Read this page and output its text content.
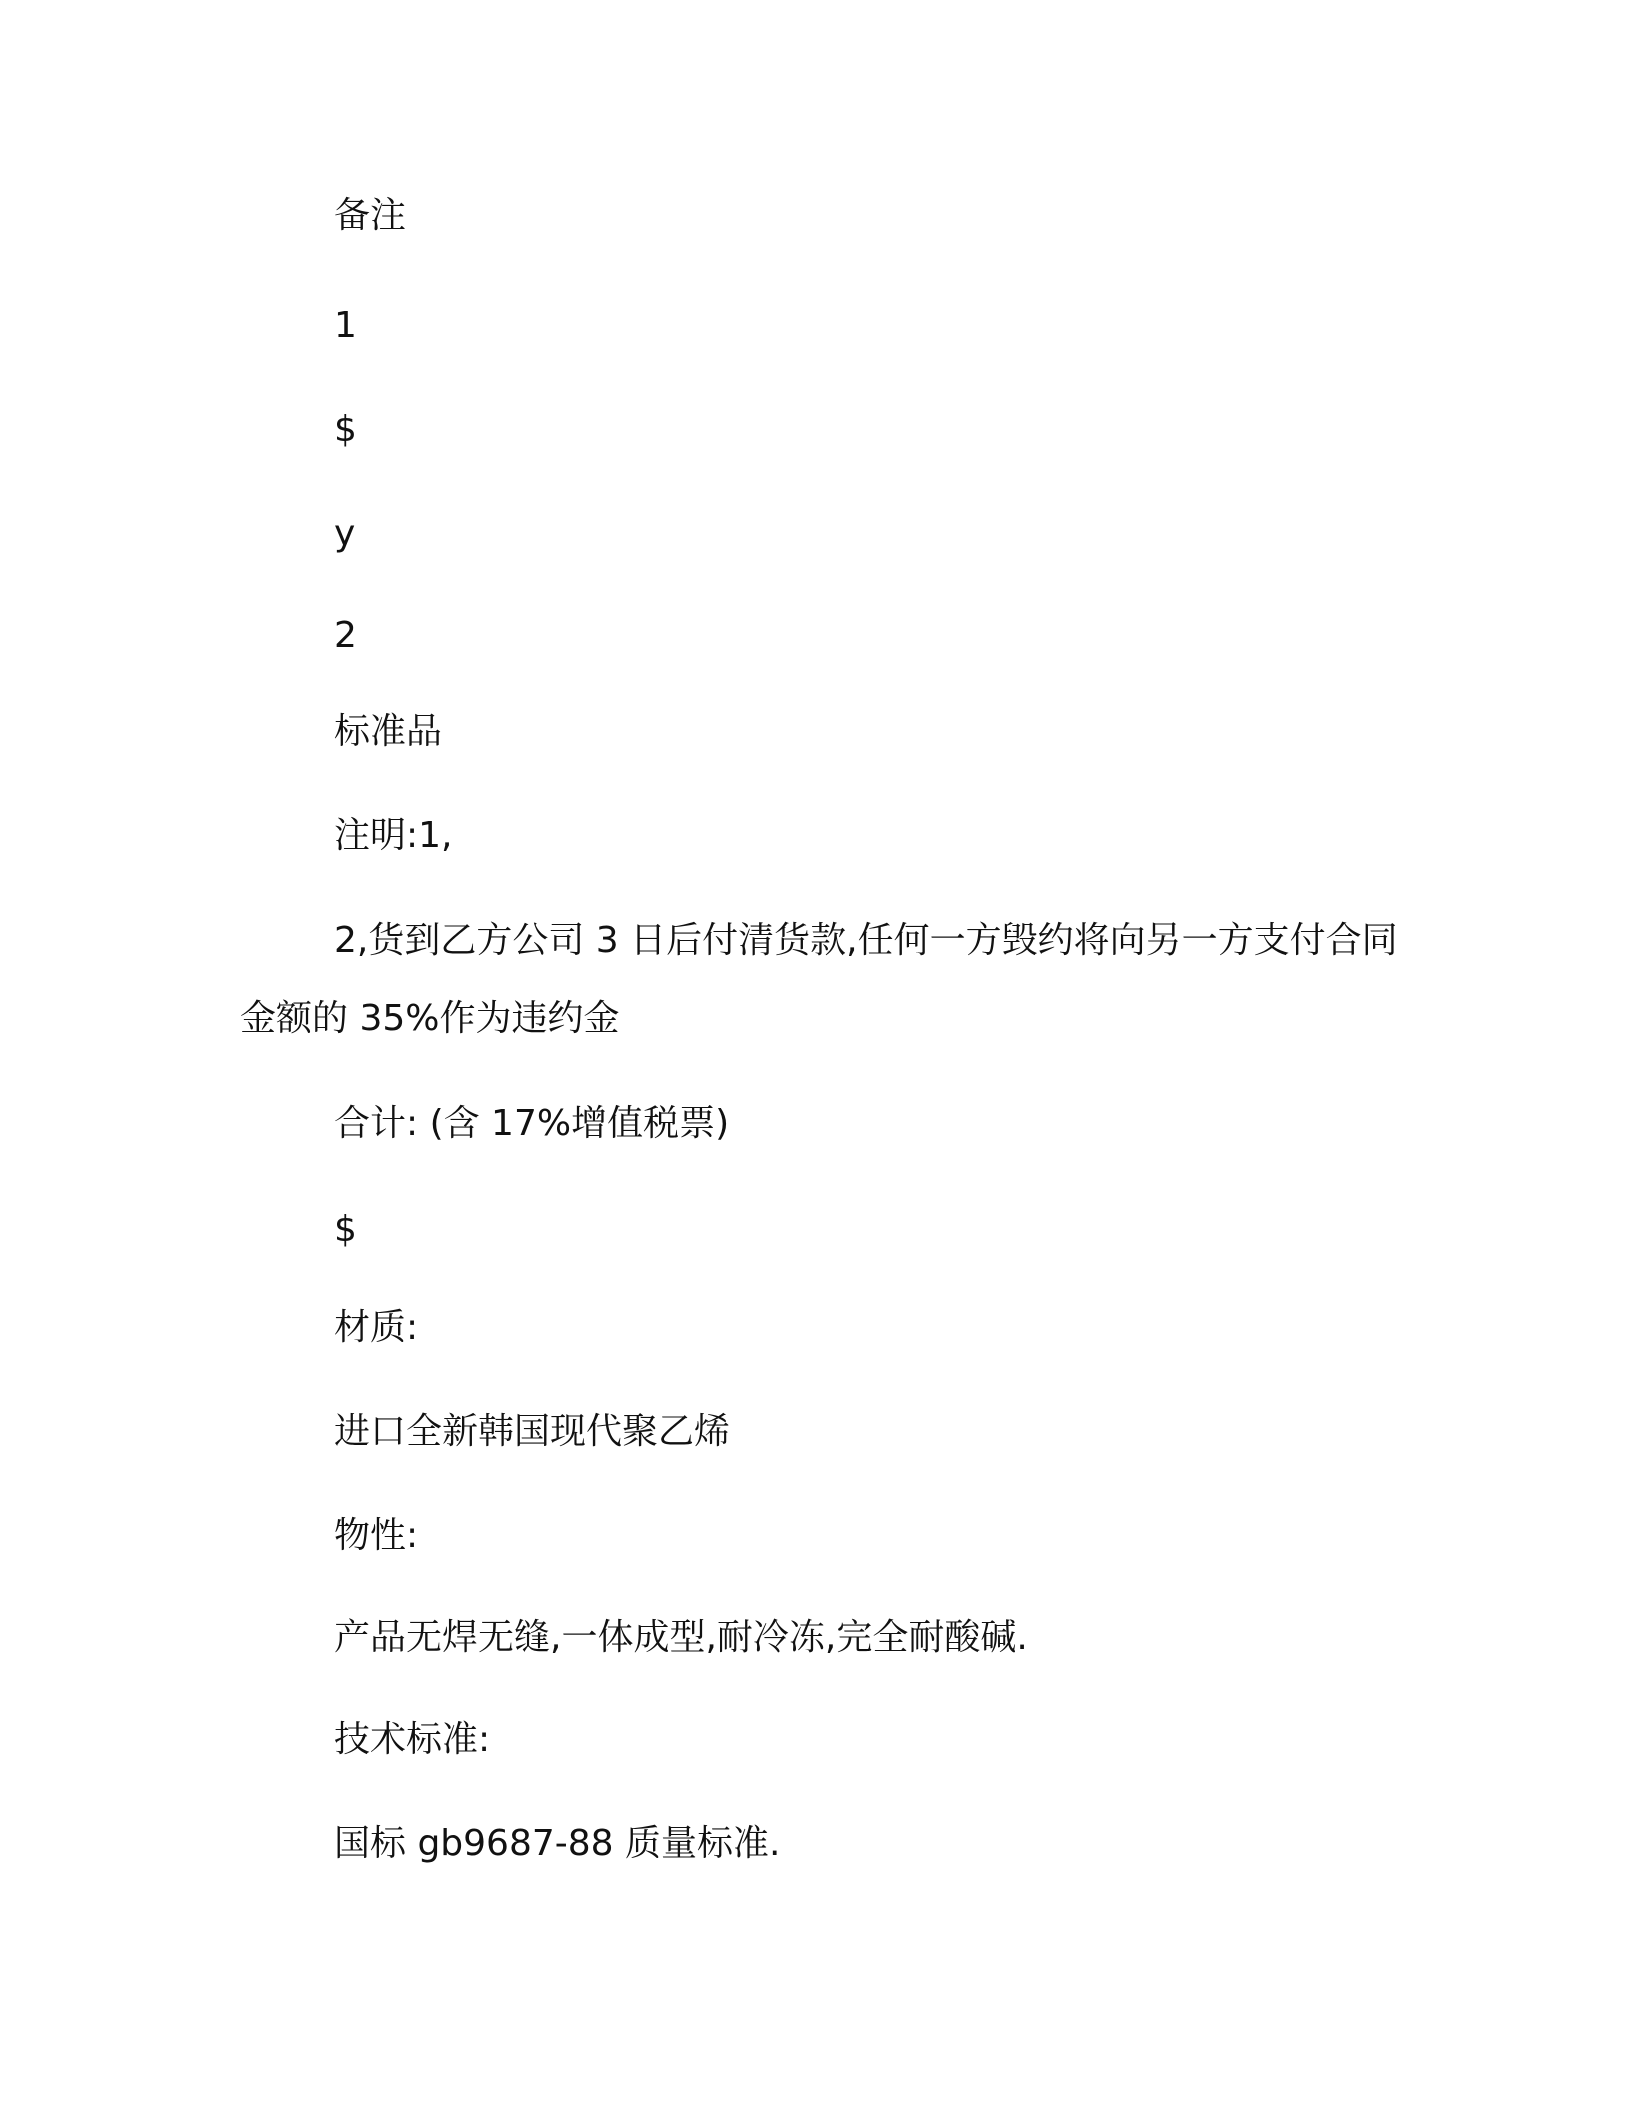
备注
1
$
y
2
标准品
注明:1,
2,货到乙方公司 3 日后付清货款,任何一方毁约将向另一方支付合同金额的 35%作为违约金
合计: (含 17%增值税票)
$
材质:
进口全新韩国现代聚乙烯
物性:
产品无焊无缝,一体成型,耐冷冻,完全耐酸碱.
技术标准:
国标 gb9687-88 质量标准.
